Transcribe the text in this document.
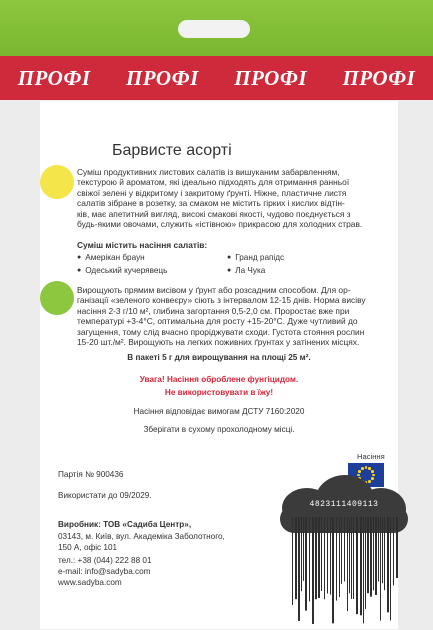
ПРОФІ ПРОФІ ПРОФІ ПРОФІ
Барвисте асорті
Суміш продуктивних листових салатів із вишуканим забарвленням,
текстурою й ароматом, які ідеально підходять для отримання ранньої
свіжої зелені у відкритому і закритому ґрунті. Ніжне, пластичне листя
салатів зібране в розетку, за смаком не містить гірких і кислих відтін-
ків, має апетитний вигляд, високі смакові якості, чудово поєднується з
будь-якими овочами, служить «істівною» прикрасою для холодних страв.
Суміш містить насіння салатів:
● Амерікан браун	● Гранд рапідс
● Одеський кучерявець	● Ла Чука
Вирощують прямим висівом у ґрунт або розсадним способом. Для ор-
ганізації «зеленого конвеєру» сіють з інтервалом 12-15 днів. Норма висіву
насіння 2-3 г/10 м², глибина загортання 0,5-2,0 см. Проростає вже при
температурі +3-4°С, оптимальна для росту +15-20°С. Дуже чутливий до
загущення, тому слід вчасно проріджувати сходи. Густота стояння рослин
15-20 шт./м². Вирощують на легких поживних ґрунтах у затінених місцях.
В пакеті 5 г для вирощування на площі 25 м².
Увага! Насіння оброблене фунгіцидом.
Не використовувати в їжу!
Насіння відповідає вимогам ДСТУ 7160:2020
Зберігати в сухому прохолодному місці.
Партія № 900436
Використати до 09/2029.
Насіння
Виробник: ТОВ «Садиба Центр»,
03143, м. Київ, вул. Академіка Заболотного,
150 А, офіс 101
тел.: +38 (044) 222 88 01
e-mail: info@sadyba.com
www.sadyba.com
4823111409113
